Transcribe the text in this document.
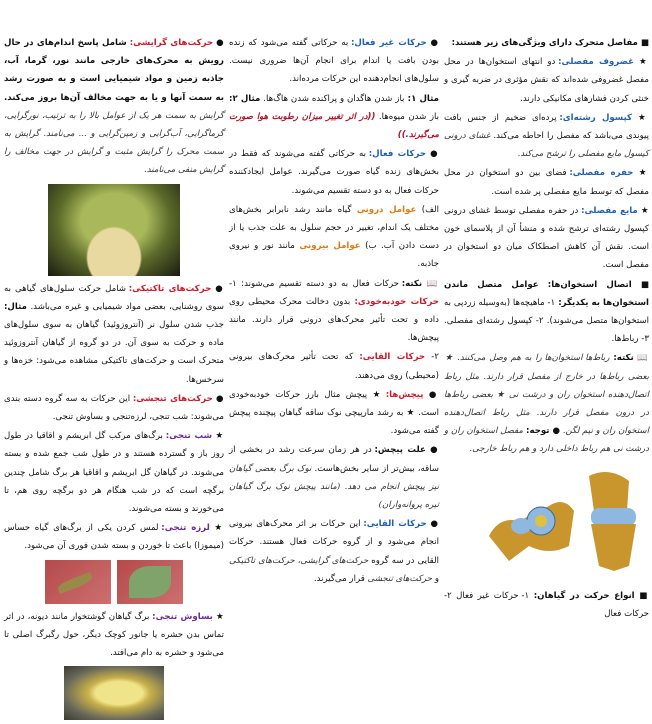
■ مفاصل متحرک دارای ویژگی‌های زیر هستند:
★ غضروف مفصلی: دو انتهای استخوان‌ها در محل مفصل غضروفی شده‌اند که نقش مؤثری در ضربه گیری و خنثی کردن فشارهای مکانیکی دارند.
★ کپسول رشته‌ای: پرده‌ای ضخیم از جنس بافت پیوندی می‌باشد که مفصل را احاطه می‌کند. غشای درونی کپسول مایع مفصلی را ترشح می‌کند.
★ حفره مفصلی: فضای بین دو استخوان در محل مفصل که توسط مایع مفصلی پر شده است.
★ مایع مفصلی: در حفره مفصلی توسط غشای درونی کپسول رشته‌ای ترشح شده و منشأ آن از پلاسمای خون است. نقش آن کاهش اصطکاک میان دو استخوان در مفصل است.
■ اتصال استخوان‌ها: عوامل متصل ماندن استخوان‌ها به یکدیگر: ۱- ماهیچه‌ها (به‌وسیله زردپی به استخوان‌ها متصل می‌شوند). ۲- کپسول رشته‌ای مفصلی. ۳- رباط‌ها.
📖 نکته: رباط‌ها استخوان‌ها را به هم وصل می‌کنند. ★ بعضی رباط‌ها در خارج از مفصل قرار دارند. مثل رباط اتصال‌دهنده استخوان ران و درشت نی ★ بعضی رباط‌ها در درون مفصل قرار دارند. مثل رباط اتصال‌دهنده استخوان ران و نیم لگن. ● توجه: مفصل استخوان ران و درشت نی هم رباط داخلی دارد و هم رباط خارجی.
■ انواع حرکت در گیاهان: ۱- حرکات غیر فعال ۲- حرکات فعال
● حرکات غیر فعال: به حرکاتی گفته می‌شود که زنده بودن بافت یا اندام برای انجام آن‌ها ضروری نیست. سلول‌های انجام‌دهنده این حرکات مرده‌اند.
مثال ۱: باز شدن هاگدان و پراکنده شدن هاگ‌ها. مثال ۲: باز شدن میوه‌ها. ((در اثر تغییر میزان رطوبت هوا صورت می‌گیرند.))
● حرکات فعال: به حرکاتی گفته می‌شوند که فقط در بخش‌های زنده گیاه صورت می‌گیرند. عوامل ایجادکننده حرکات فعال به دو دسته تقسیم می‌شوند.
الف) عوامل درونی گیاه مانند رشد نابرابر بخش‌های مختلف یک اندام، تغییر در حجم سلول به علت جذب یا از دست دادن آب. ب) عوامل بیرونی مانند نور و نیروی جاذبه.
📖 نکته: حرکات فعال به دو دسته تقسیم می‌شوند: ۱- حرکات خودبه‌خودی: بدون دخالت محرک محیطی روی داده و تحت تأثیر محرک‌های درونی قرار دارند. مانند پیچش‌ها.
۲- حرکات القایی: که تحت تأثیر محرک‌های بیرونی (محیطی) روی می‌دهند.
● پیچش‌ها: ★ پیچش مثال بارز حرکات خودبه‌خودی است. ★ به رشد مارپیچی نوک ساقه گیاهان پیچنده پیچش گفته می‌شود.
● علت پیچش: در هر زمان سرعت رشد در بخشی از ساقه، بیش‌تر از سایر بخش‌هاست. نوک برگ بعضی گیاهان نیز پیچش انجام می دهد. (مانند پیچش نوک برگ گیاهان تیره پروانه‌واران)
● حرکات القایی: این حرکات بر اثر محرک‌های بیرونی انجام می‌شود و از گروه حرکات فعال هستند. حرکات القایی در سه گروه حرکت‌های گرایشی، حرکت‌های تاکتیکی و حرکت‌های تنجشی قرار می‌گیرند.
● حرکت‌های گرایشی: شامل پاسخ اندام‌های در حال رویش به محرک‌های خارجی مانند نور، گرما، آب، جاذبه زمین و مواد شیمیایی است و به صورت رشد به سمت آنها و یا به جهت مخالف آن‌ها بروز می‌کند. گرایش به سمت هر یک از عوامل بالا را به ترتیب، نورگرایی، گرماگرایی، آب‌گرایی و زمین‌گرایی و ... می‌نامند. گرایش به سمت محرک را گرایش مثبت و گرایش در جهت مخالف را گرایش منفی می‌نامند.
● حرکت‌های تاکتیکی: شامل حرکت سلول‌های گیاهی به سوی روشنایی، بعضی مواد شیمیایی و غیره می‌باشد. مثال: جذب شدن سلول نر (آنتروزوئید) گیاهان به سوی سلول‌های ماده و حرکت به سوی آن. در دو گروه از گیاهان آنتروزوئید متحرک است و حرکت‌های تاکتیکی مشاهده می‌شود: خزه‌ها و سرخس‌ها.
● حرکت‌های تنجشی: این حرکات به سه گروه دسته بندی می‌شوند: شب تنجی، لرزه‌تنجی و بساوش تنجی.
★ شب تنجی: برگ‌های مرکب گل ابریشم و اقاقیا در طول روز باز و گسترده هستند و در طول شب جمع شده و بسته می‌شوند. در گیاهان گل ابریشم و اقاقیا هر برگ شامل چندین برگچه است که در شب هنگام هر دو برگچه روی هم، تا می‌خورند و بسته می‌شوند.
★ لرزه تنجی: لمس کردن یکی از برگ‌های گیاه حساس (میموزا) باعث تا خوردن و بسته شدن فوری آن می‌شود.
★ بساوش تنجی: برگ گیاهان گوشتخوار مانند دیونه، در اثر تماس بدن حشره یا جانور کوچک دیگر، حول رگبرگ اصلی تا می‌شود و حشره به دام می‌افتد.
